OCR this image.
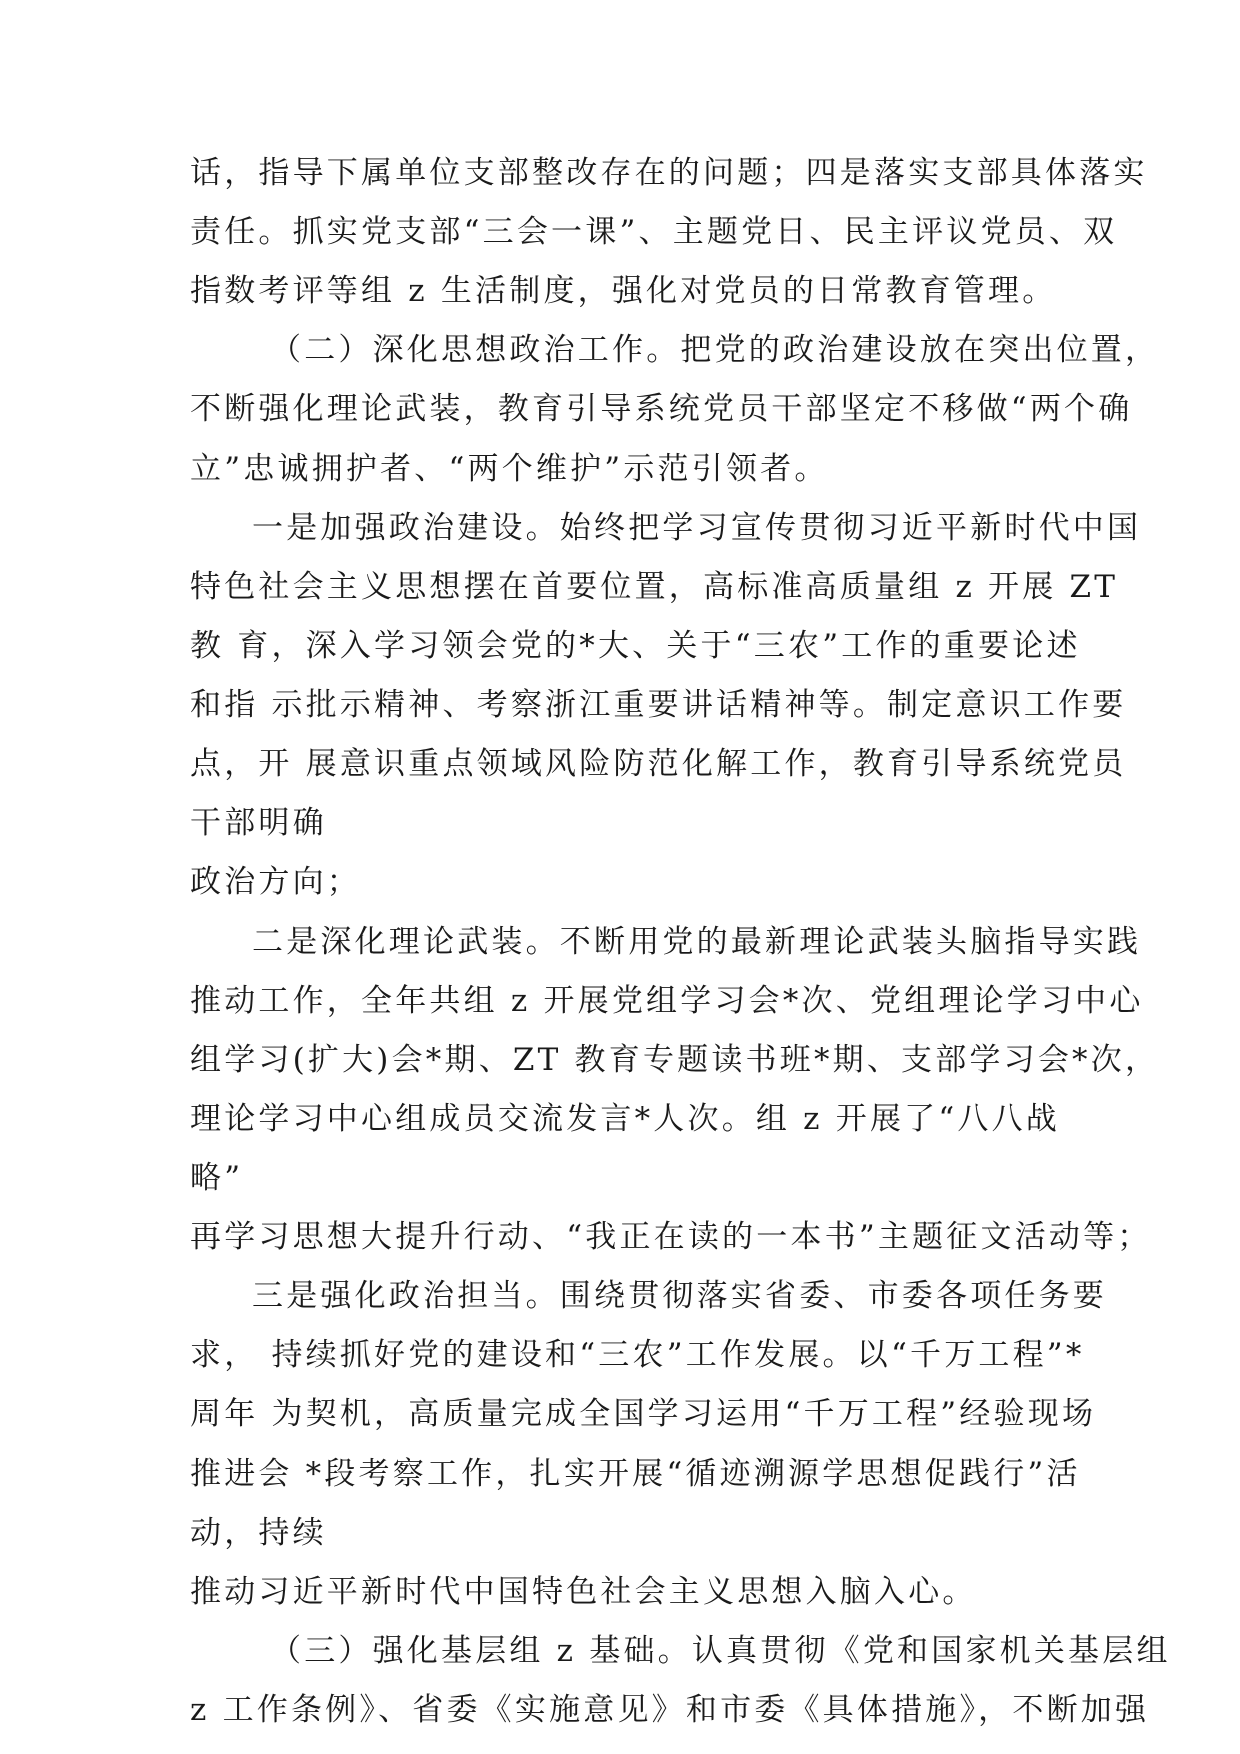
话，指导下属单位支部整改存在的问题；四是落实支部具体落实
责任。抓实党支部“三会一课”、主题党日、民主评议党员、双
指数考评等组 z 生活制度，强化对党员的日常教育管理。
（二）深化思想政治工作。把党的政治建设放在突出位置，
不断强化理论武装，教育引导系统党员干部坚定不移做“两个确
立”忠诚拥护者、“两个维护”示范引领者。
一是加强政治建设。始终把学习宣传贯彻习近平新时代中国
特色社会主义思想摆在首要位置，高标准高质量组 z 开展 ZT
教 育，深入学习领会党的*大、关于“三农”工作的重要论述
和指 示批示精神、考察浙江重要讲话精神等。制定意识工作要
点，开 展意识重点领域风险防范化解工作，教育引导系统党员
干部明确
政治方向；
二是深化理论武装。不断用党的最新理论武装头脑指导实践
推动工作，全年共组 z 开展党组学习会*次、党组理论学习中心
组学习(扩大)会*期、ZT 教育专题读书班*期、支部学习会*次，
理论学习中心组成员交流发言*人次。组 z 开展了“八八战
略”
再学习思想大提升行动、“我正在读的一本书”主题征文活动等；
三是强化政治担当。围绕贯彻落实省委、市委各项任务要
求， 持续抓好党的建设和“三农”工作发展。以“千万工程”*
周年 为契机，高质量完成全国学习运用“千万工程”经验现场
推进会 *段考察工作，扎实开展“循迹溯源学思想促践行”活
动，持续
推动习近平新时代中国特色社会主义思想入脑入心。
（三）强化基层组 z 基础。认真贯彻《党和国家机关基层组
z 工作条例》、省委《实施意见》和市委《具体措施》，不断加强
